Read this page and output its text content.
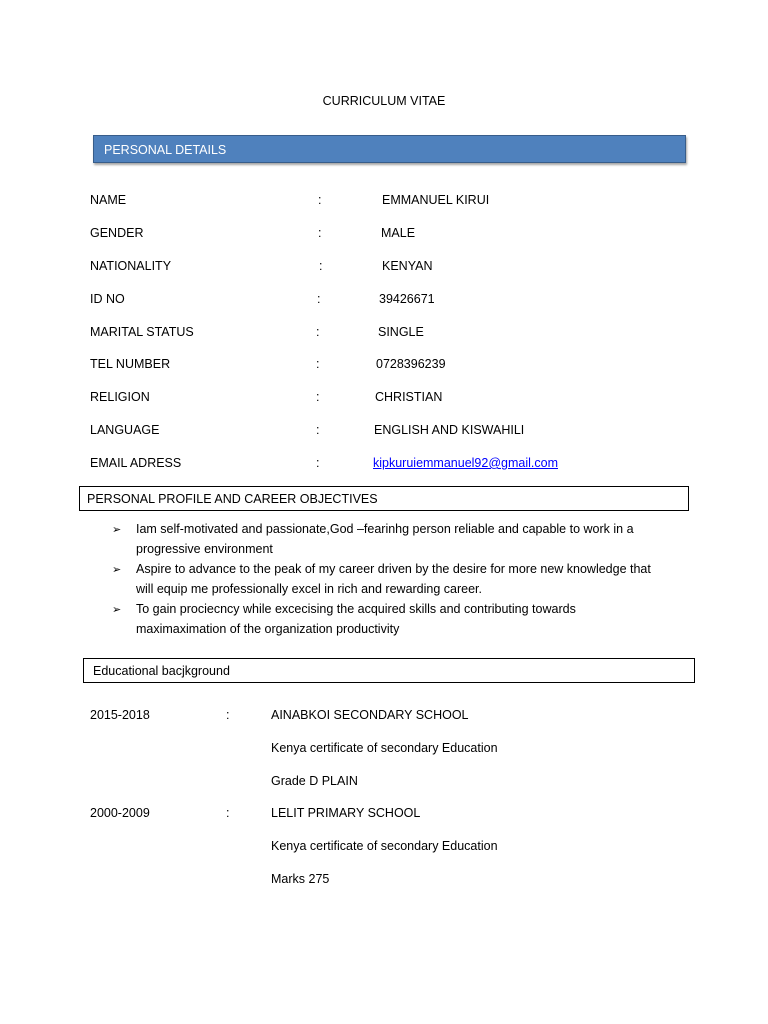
CURRICULUM VITAE
PERSONAL DETAILS
NAME	:	EMMANUEL KIRUI
GENDER	:	MALE
NATIONALITY	:	KENYAN
ID NO	:	39426671
MARITAL STATUS	:	SINGLE
TEL NUMBER	:	0728396239
RELIGION	:	CHRISTIAN
LANGUAGE	:	ENGLISH AND KISWAHILI
EMAIL ADRESS	:	kipkuruiemmanuel92@gmail.com
PERSONAL PROFILE AND CAREER OBJECTIVES
➢ Iam self-motivated and passionate,God –fearinhg person reliable and capable to work in a
progressive environment
➢ Aspire to advance to the peak of my career driven by the desire for more new knowledge that
will equip me professionally excel in rich and rewarding career.
➢ To gain prociecncy while excecising the acquired skills and contributing towards
maximaximation of the organization productivity
Educational bacjkground
2015-2018	:	AINABKOI SECONDARY SCHOOL
Kenya certificate of secondary Education
Grade D PLAIN
2000-2009	:	LELIT PRIMARY SCHOOL
Kenya certificate of secondary Education
Marks 275
